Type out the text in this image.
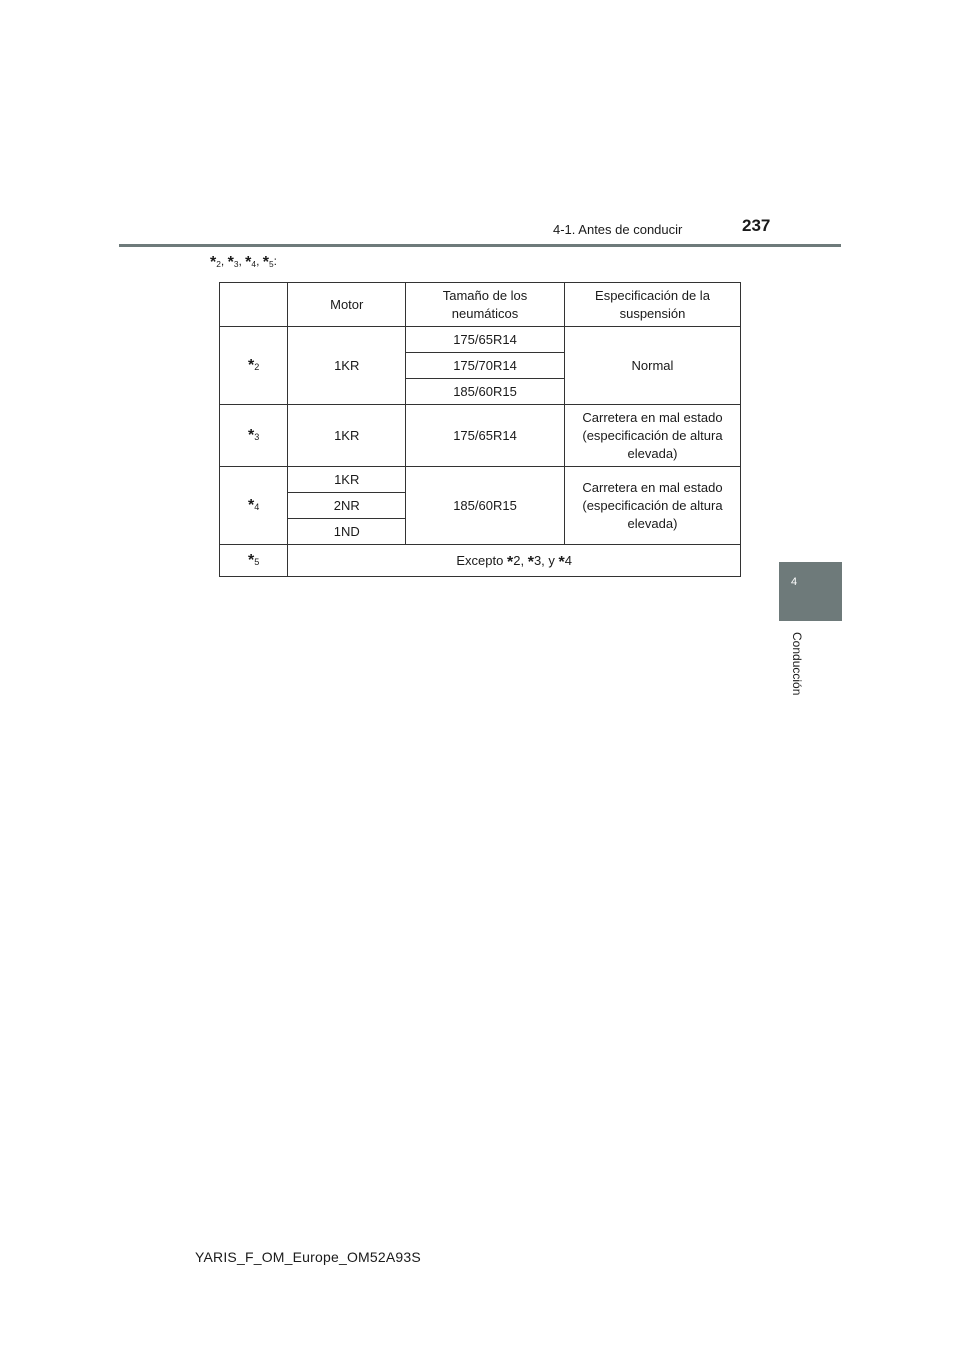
4-1. Antes de conducir	237
4
Conducción
$*_2$, $*_3$, $*_4$, $*_5$:
	Motor	Tamaño de los neumáticos	Especificación de la suspensión
$*_2$	1KR	175/65R14	Normal
		175/70R14	
		185/60R15	
$*_3$	1KR	175/65R14	Carretera en mal estado (especificación de altura elevada)
$*_4$	1KR	185/60R15	Carretera en mal estado (especificación de altura elevada)
	2NR		
	1ND		
$*_5$	Excepto *2, *3, y *4		
YARIS_F_OM_Europe_OM52A93S
